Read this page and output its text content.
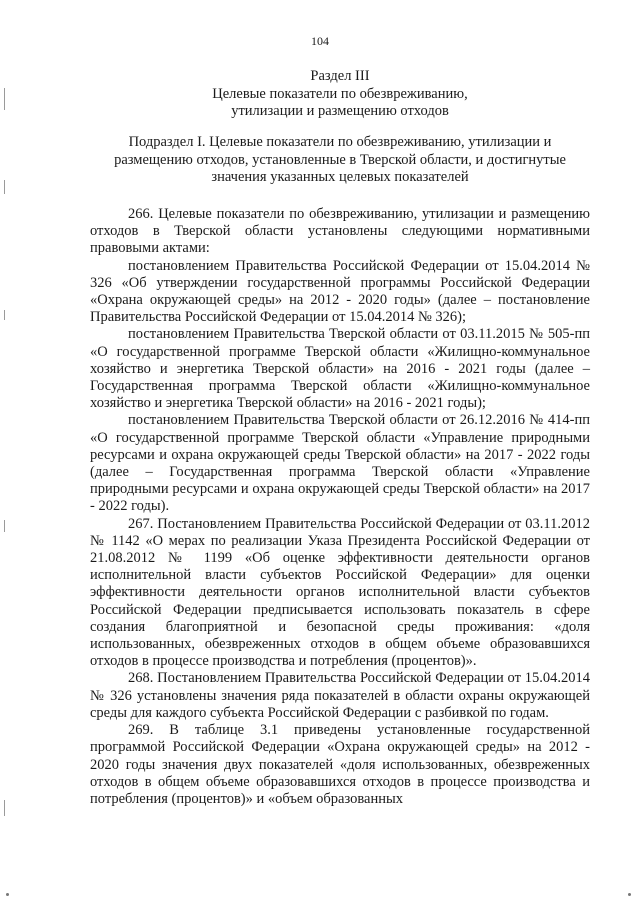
104
Раздел III
Целевые показатели по обезвреживанию,
утилизации и размещению отходов
Подраздел I. Целевые показатели по обезвреживанию, утилизации и
размещению отходов, установленные в Тверской области, и достигнутые
значения указанных целевых показателей

266. Целевые показатели по обезвреживанию, утилизации и размещению отходов в Тверской области установлены следующими нормативными правовыми актами:

постановлением Правительства Российской Федерации от 15.04.2014 № 326 «Об утверждении государственной программы Российской Федерации «Охрана окружающей среды» на 2012 - 2020 годы» (далее – постановление Правительства Российской Федерации от 15.04.2014 № 326);

постановлением Правительства Тверской области от 03.11.2015 № 505-пп «О государственной программе Тверской области «Жилищно-коммунальное хозяйство и энергетика Тверской области» на 2016 - 2021 годы (далее – Государственная программа Тверской области «Жилищно-коммунальное хозяйство и энергетика Тверской области» на 2016 - 2021 годы);

постановлением Правительства Тверской области от 26.12.2016 № 414-пп «О государственной программе Тверской области «Управление природными ресурсами и охрана окружающей среды Тверской области» на 2017 - 2022 годы (далее – Государственная программа Тверской области «Управление природными ресурсами и охрана окружающей среды Тверской области» на 2017 - 2022 годы).

267. Постановлением Правительства Российской Федерации от 03.11.2012 № 1142 «О мерах по реализации Указа Президента Российской Федерации от 21.08.2012 № 1199 «Об оценке эффективности деятельности органов исполнительной власти субъектов Российской Федерации» для оценки эффективности деятельности органов исполнительной власти субъектов Российской Федерации предписывается использовать показатель в сфере создания благоприятной и безопасной среды проживания: «доля использованных, обезвреженных отходов в общем объеме образовавшихся отходов в процессе производства и потребления (процентов)».

268. Постановлением Правительства Российской Федерации от 15.04.2014 № 326 установлены значения ряда показателей в области охраны окружающей среды для каждого субъекта Российской Федерации с разбивкой по годам.

269. В таблице 3.1 приведены установленные государственной программой Российской Федерации «Охрана окружающей среды» на 2012 - 2020 годы значения двух показателей «доля использованных, обезвреженных отходов в общем объеме образовавшихся отходов в процессе производства и потребления (процентов)» и «объем образованных
